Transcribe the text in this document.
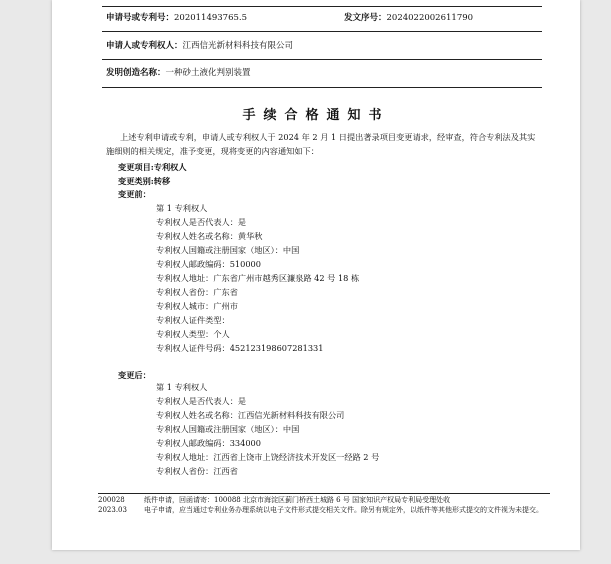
申请号或专利号：202011493765.5	发文序号：2024022002611790
申请人或专利权人：江西信光新材料科技有限公司
发明创造名称：一种砂土液化判别装置
手续合格通知书
上述专利申请或专利，申请人或专利权人于 2024 年 2 月 1 日提出著录项目变更请求，经审查，符合专利法及其实施细则的相关规定，准予变更，现将变更的内容通知如下：
变更项目:专利权人
变更类别:转移
变更前：
第 1 专利权人
专利权人是否代表人：是
专利权人姓名或名称：黄华秋
专利权人国籍或注册国家（地区）：中国
专利权人邮政编码：510000
专利权人地址：广东省广州市越秀区濂泉路 42 号 18 栋
专利权人省份：广东省
专利权人城市：广州市
专利权人证件类型：
专利权人类型：个人
专利权人证件号码：452123198607281331
变更后：
第 1 专利权人
专利权人是否代表人：是
专利权人姓名或名称：江西信光新材料科技有限公司
专利权人国籍或注册国家（地区）：中国
专利权人邮政编码：334000
专利权人地址：江西省上饶市上饶经济技术开发区一经路 2 号
专利权人省份：江西省
200028
2023.03
纸件申请，回函请寄：100088 北京市海淀区蓟门桥西土城路 6 号 国家知识产权局专利局受理处收
电子申请，应当通过专利业务办理系统以电子文件形式提交相关文件。除另有规定外，以纸件等其他形式提交的文件视为未提交。
